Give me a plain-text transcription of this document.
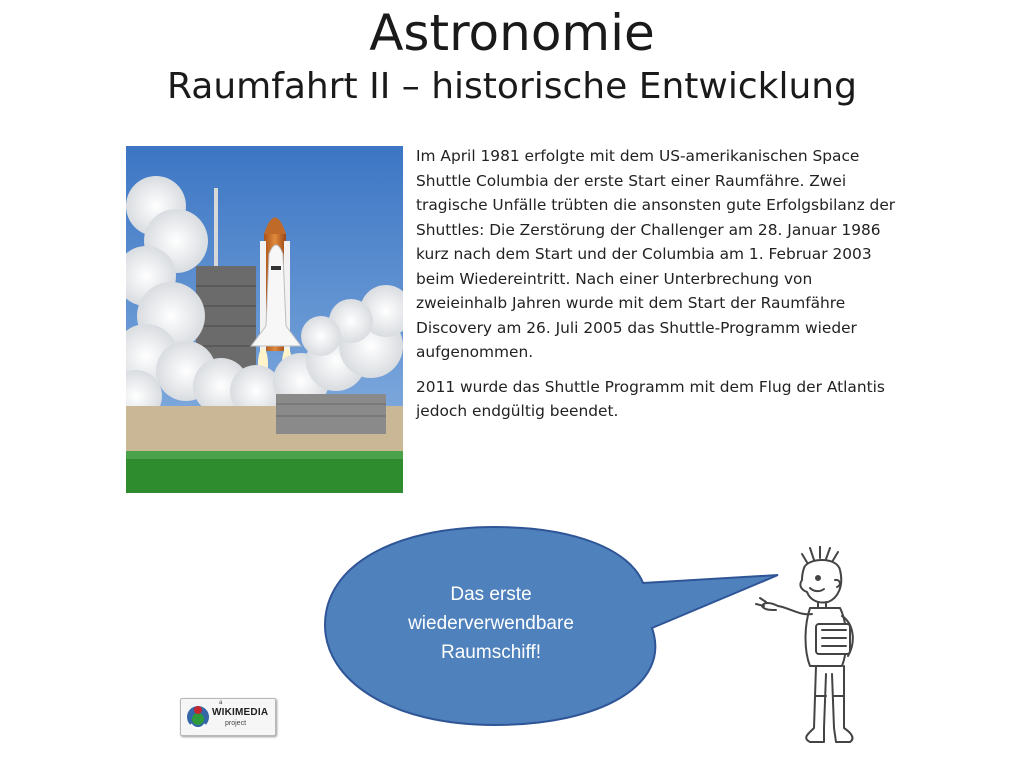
Astronomie
Raumfahrt II – historische Entwicklung

Im April 1981 erfolgte mit dem US-amerikanischen Space Shuttle Columbia der erste Start einer Raumfähre. Zwei tragische Unfälle trübten die ansonsten gute Erfolgsbilanz der Shuttles: Die Zerstörung der Challenger am 28. Januar 1986 kurz nach dem Start und der Columbia am 1. Februar 2003 beim Wiedereintritt. Nach einer Unterbrechung von zweieinhalb Jahren wurde mit dem Start der Raumfähre Discovery am 26. Juli 2005 das Shuttle-Programm wieder aufgenommen.

2011 wurde das Shuttle Programm mit dem Flug der Atlantis jedoch endgültig beendet.

Das erste
wiederverwendbare
Raumschiff!
a
WIKIMEDIA
project
